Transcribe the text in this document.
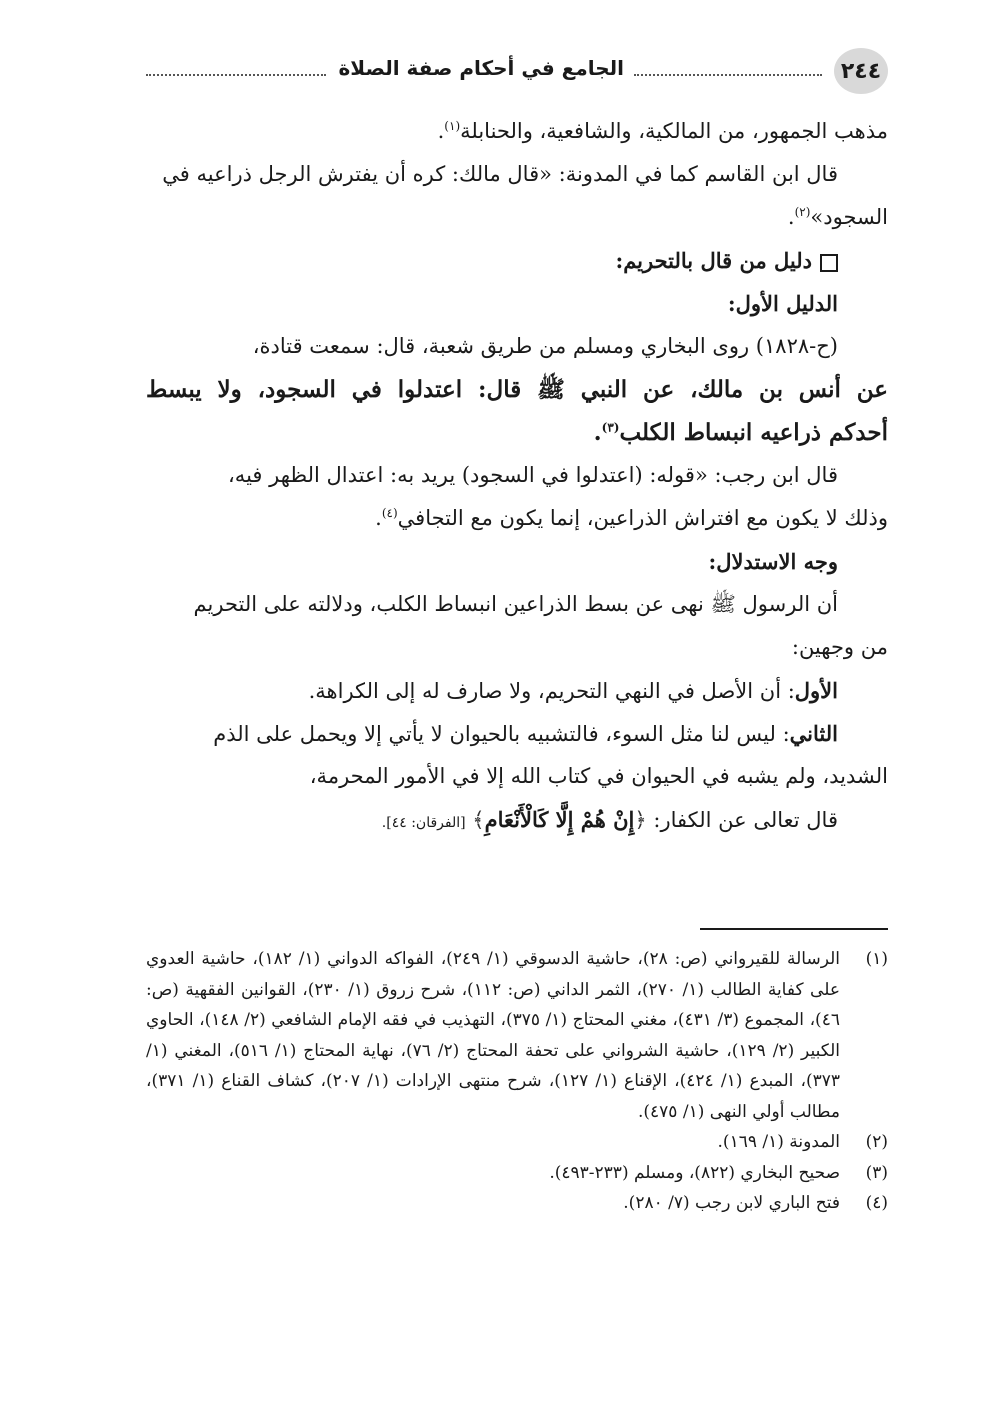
٢٤٤
الجامع في أحكام صفة الصلاة
مذهب الجمهور، من المالكية، والشافعية، والحنابلة$^{(١)}$.
قال ابن القاسم كما في المدونة: «قال مالك: كره أن يفترش الرجل ذراعيه في
السجود»$^{(٢)}$.
دليل من قال بالتحريم:
الدليل الأول:
(ح-١٨٢٨) روى البخاري ومسلم من طريق شعبة، قال: سمعت قتادة،
عن أنس بن مالك، عن النبي ﷺ قال: اعتدلوا في السجود، ولا يبسط
أحدكم ذراعيه انبساط الكلب$^{(٣)}$.
قال ابن رجب: «قوله: (اعتدلوا في السجود) يريد به: اعتدال الظهر فيه،
وذلك لا يكون مع افتراش الذراعين، إنما يكون مع التجافي$^{(٤)}$.
وجه الاستدلال:
أن الرسول ﷺ نهى عن بسط الذراعين انبساط الكلب، ودلالته على التحريم
من وجهين:
الأول: أن الأصل في النهي التحريم، ولا صارف له إلى الكراهة.
الثاني: ليس لنا مثل السوء، فالتشبيه بالحيوان لا يأتي إلا ويحمل على الذم
الشديد، ولم يشبه في الحيوان في كتاب الله إلا في الأمور المحرمة،
قال تعالى عن الكفار: ﴿إِنْ هُمْ إِلَّا كَالْأَنْعَامِ﴾ [الفرقان: ٤٤].
(١)
الرسالة للقيرواني (ص: ٢٨)، حاشية الدسوقي (١/ ٢٤٩)، الفواكه الدواني (١/ ١٨٢)، حاشية العدوي على كفاية الطالب (١/ ٢٧٠)، الثمر الداني (ص: ١١٢)، شرح زروق (١/ ٢٣٠)، القوانين الفقهية (ص: ٤٦)، المجموع (٣/ ٤٣١)، مغني المحتاج (١/ ٣٧٥)، التهذيب في فقه الإمام الشافعي (٢/ ١٤٨)، الحاوي الكبير (٢/ ١٢٩)، حاشية الشرواني على تحفة المحتاج (٢/ ٧٦)، نهاية المحتاج (١/ ٥١٦)، المغني (١/ ٣٧٣)، المبدع (١/ ٤٢٤)، الإقناع (١/ ١٢٧)، شرح منتهى الإرادات (١/ ٢٠٧)، كشاف القناع (١/ ٣٧١)، مطالب أولي النهى (١/ ٤٧٥).
(٢)
المدونة (١/ ١٦٩).
(٣)
صحيح البخاري (٨٢٢)، ومسلم (٢٣٣-٤٩٣).
(٤)
فتح الباري لابن رجب (٧/ ٢٨٠).
